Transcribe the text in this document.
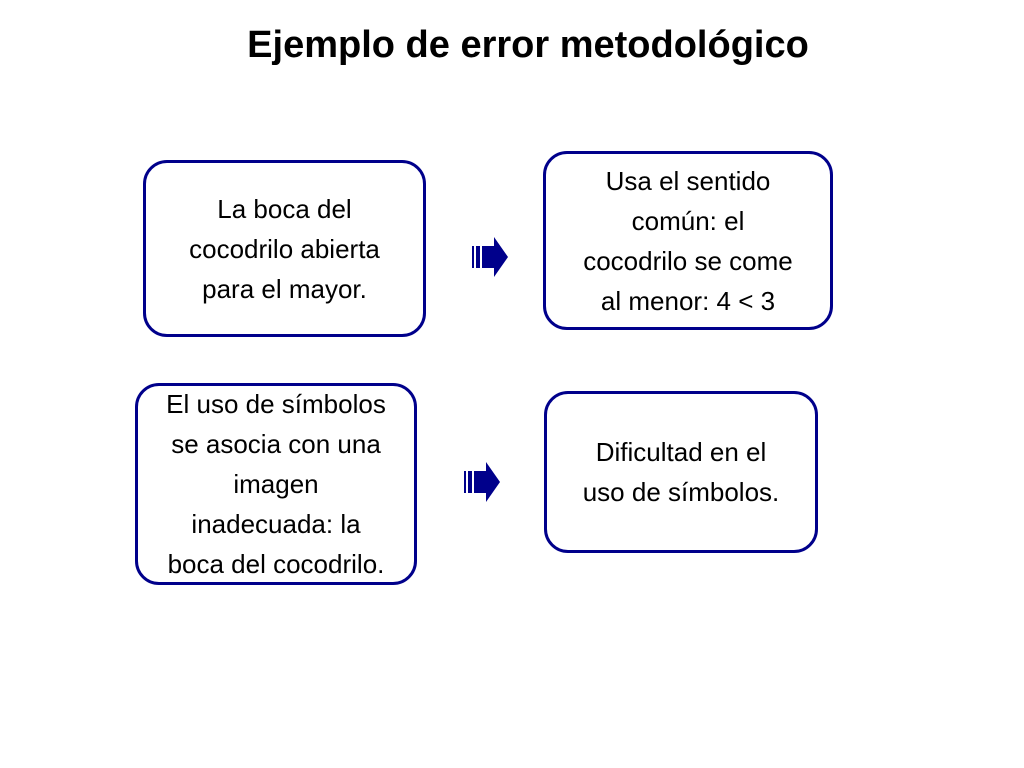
Ejemplo de error metodológico
La boca del
cocodrilo abierta
para el mayor.
Usa el sentido
común: el
cocodrilo se come
al menor: 4 < 3
El uso de símbolos
se asocia con una
imagen
inadecuada: la
boca del cocodrilo.
Dificultad en el
uso de símbolos.
